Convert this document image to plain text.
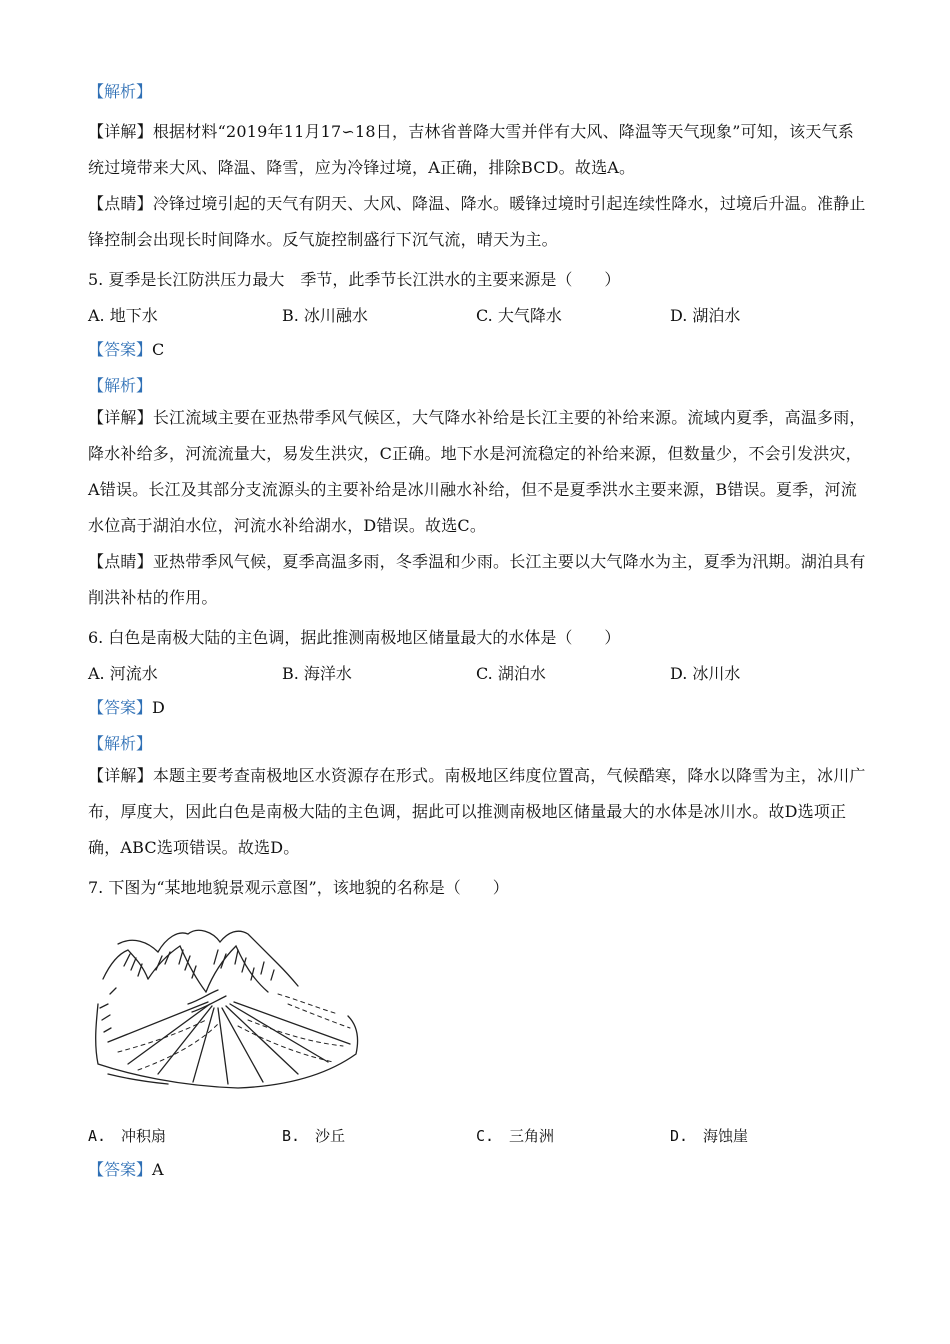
【解析】

【详解】根据材料“2019年11月17∽18日，吉林省普降大雪并伴有大风、降温等天气现象”可知，该天气系统过境带来大风、降温、降雪，应为冷锋过境，A正确，排除BCD。故选A。

【点睛】冷锋过境引起的天气有阴天、大风、降温、降水。暖锋过境时引起连续性降水，过境后升温。准静止锋控制会出现长时间降水。反气旋控制盛行下沉气流，晴天为主。

5. 夏季是长江防洪压力最大　季节，此季节长江洪水的主要来源是（　　）

A. 地下水	B. 冰川融水	C. 大气降水	D. 湖泊水

【答案】C

【解析】

【详解】长江流域主要在亚热带季风气候区，大气降水补给是长江主要的补给来源。流域内夏季，高温多雨，降水补给多，河流流量大，易发生洪灾，C正确。地下水是河流稳定的补给来源，但数量少，不会引发洪灾，A错误。长江及其部分支流源头的主要补给是冰川融水补给，但不是夏季洪水主要来源，B错误。夏季，河流水位高于湖泊水位，河流水补给湖水，D错误。故选C。

【点睛】亚热带季风气候，夏季高温多雨，冬季温和少雨。长江主要以大气降水为主，夏季为汛期。湖泊具有削洪补枯的作用。

6. 白色是南极大陆的主色调，据此推测南极地区储量最大的水体是（　　）

A. 河流水	B. 海洋水	C. 湖泊水	D. 冰川水

【答案】D

【解析】

【详解】本题主要考查南极地区水资源存在形式。南极地区纬度位置高，气候酷寒，降水以降雪为主，冰川广布，厚度大，因此白色是南极大陆的主色调，据此可以推测南极地区储量最大的水体是冰川水。故D选项正确，ABC选项错误。故选D。

7. 下图为“某地地貌景观示意图”，该地貌的名称是（　　）

A.　冲积扇	B.　沙丘	C.　三角洲	D.　海蚀崖

【答案】A
